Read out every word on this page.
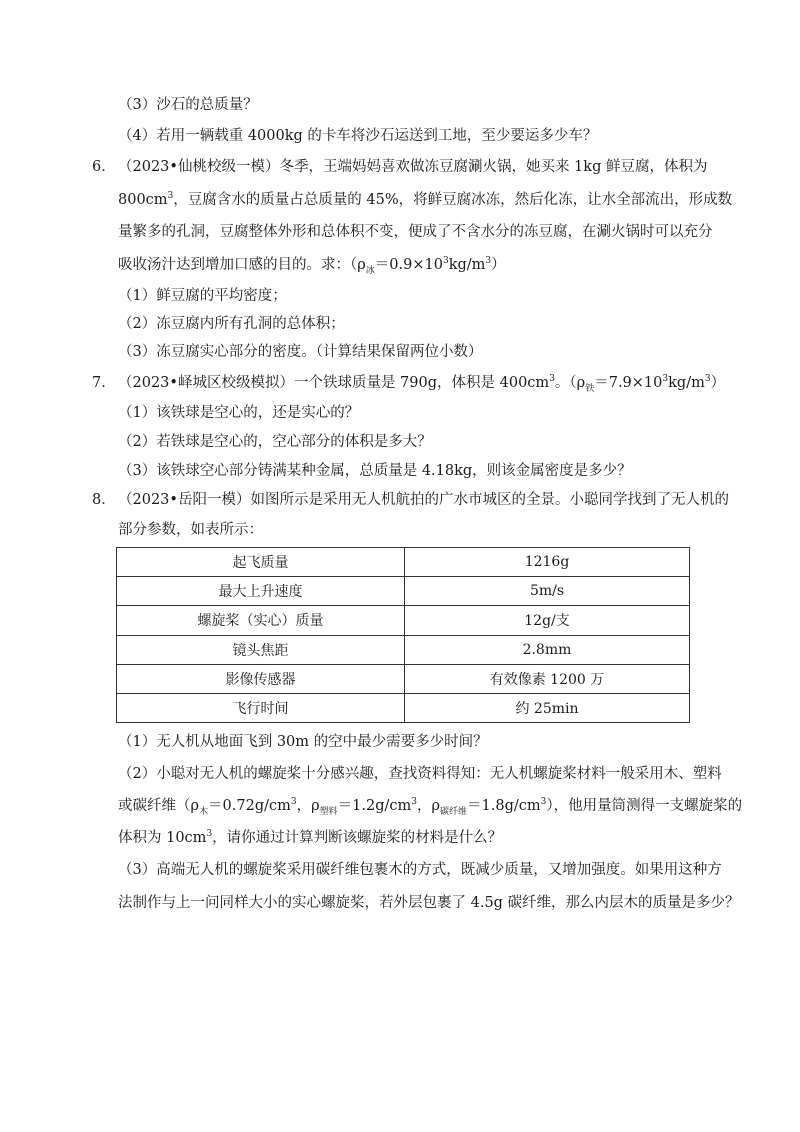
（3）沙石的总质量？
（4）若用一辆载重 4000kg 的卡车将沙石运送到工地，至少要运多少车？
6． （2023•仙桃校级一模）冬季，王端妈妈喜欢做冻豆腐涮火锅，她买来 1kg 鲜豆腐，体积为
$800cm^3$，豆腐含水的质量占总质量的 45%，将鲜豆腐冰冻，然后化冻，让水全部流出，形成数
量繁多的孔洞，豆腐整体外形和总体积不变，便成了不含水分的冻豆腐，在涮火锅时可以充分
吸收汤汁达到增加口感的目的。求：$(\rho_冰=0.9\times 10^3kg/m^3)$
（1）鲜豆腐的平均密度；
（2）冻豆腐内所有孔洞的总体积；
（3）冻豆腐实心部分的密度。（计算结果保留两位小数）
7． （2023•峄城区校级模拟）一个铁球质量是 790g，体积是 $400cm^3$。$(\rho_铁=7.9\times 10^3kg/m^3)$
（1）该铁球是空心的，还是实心的？
（2）若铁球是空心的，空心部分的体积是多大？
（3）该铁球空心部分铸满某种金属，总质量是 4.18kg，则该金属密度是多少？
8． （2023•岳阳一模）如图所示是采用无人机航拍的广水市城区的全景。小聪同学找到了无人机的
部分参数，如表所示：
起飞质量	1216g
最大上升速度	5m/s
螺旋桨（实心）质量	12g/支
镜头焦距	2.8mm
影像传感器	有效像素 1200 万
飞行时间	约 25min
（1）无人机从地面飞到 30m 的空中最少需要多少时间？
（2）小聪对无人机的螺旋桨十分感兴趣，查找资料得知：无人机螺旋桨材料一般采用木、塑料
或碳纤维（$\rho_木=0.72g/cm^3$，$\rho_{塑料}=1.2g/cm^3$，$\rho_{碳纤维}=1.8g/cm^3$），他用量筒测得一支螺旋桨的
体积为 $10cm^3$，请你通过计算判断该螺旋桨的材料是什么？
（3）高端无人机的螺旋桨采用碳纤维包裹木的方式，既减少质量，又增加强度。如果用这种方
法制作与上一问同样大小的实心螺旋桨，若外层包裹了 4.5g 碳纤维，那么内层木的质量是多少？
